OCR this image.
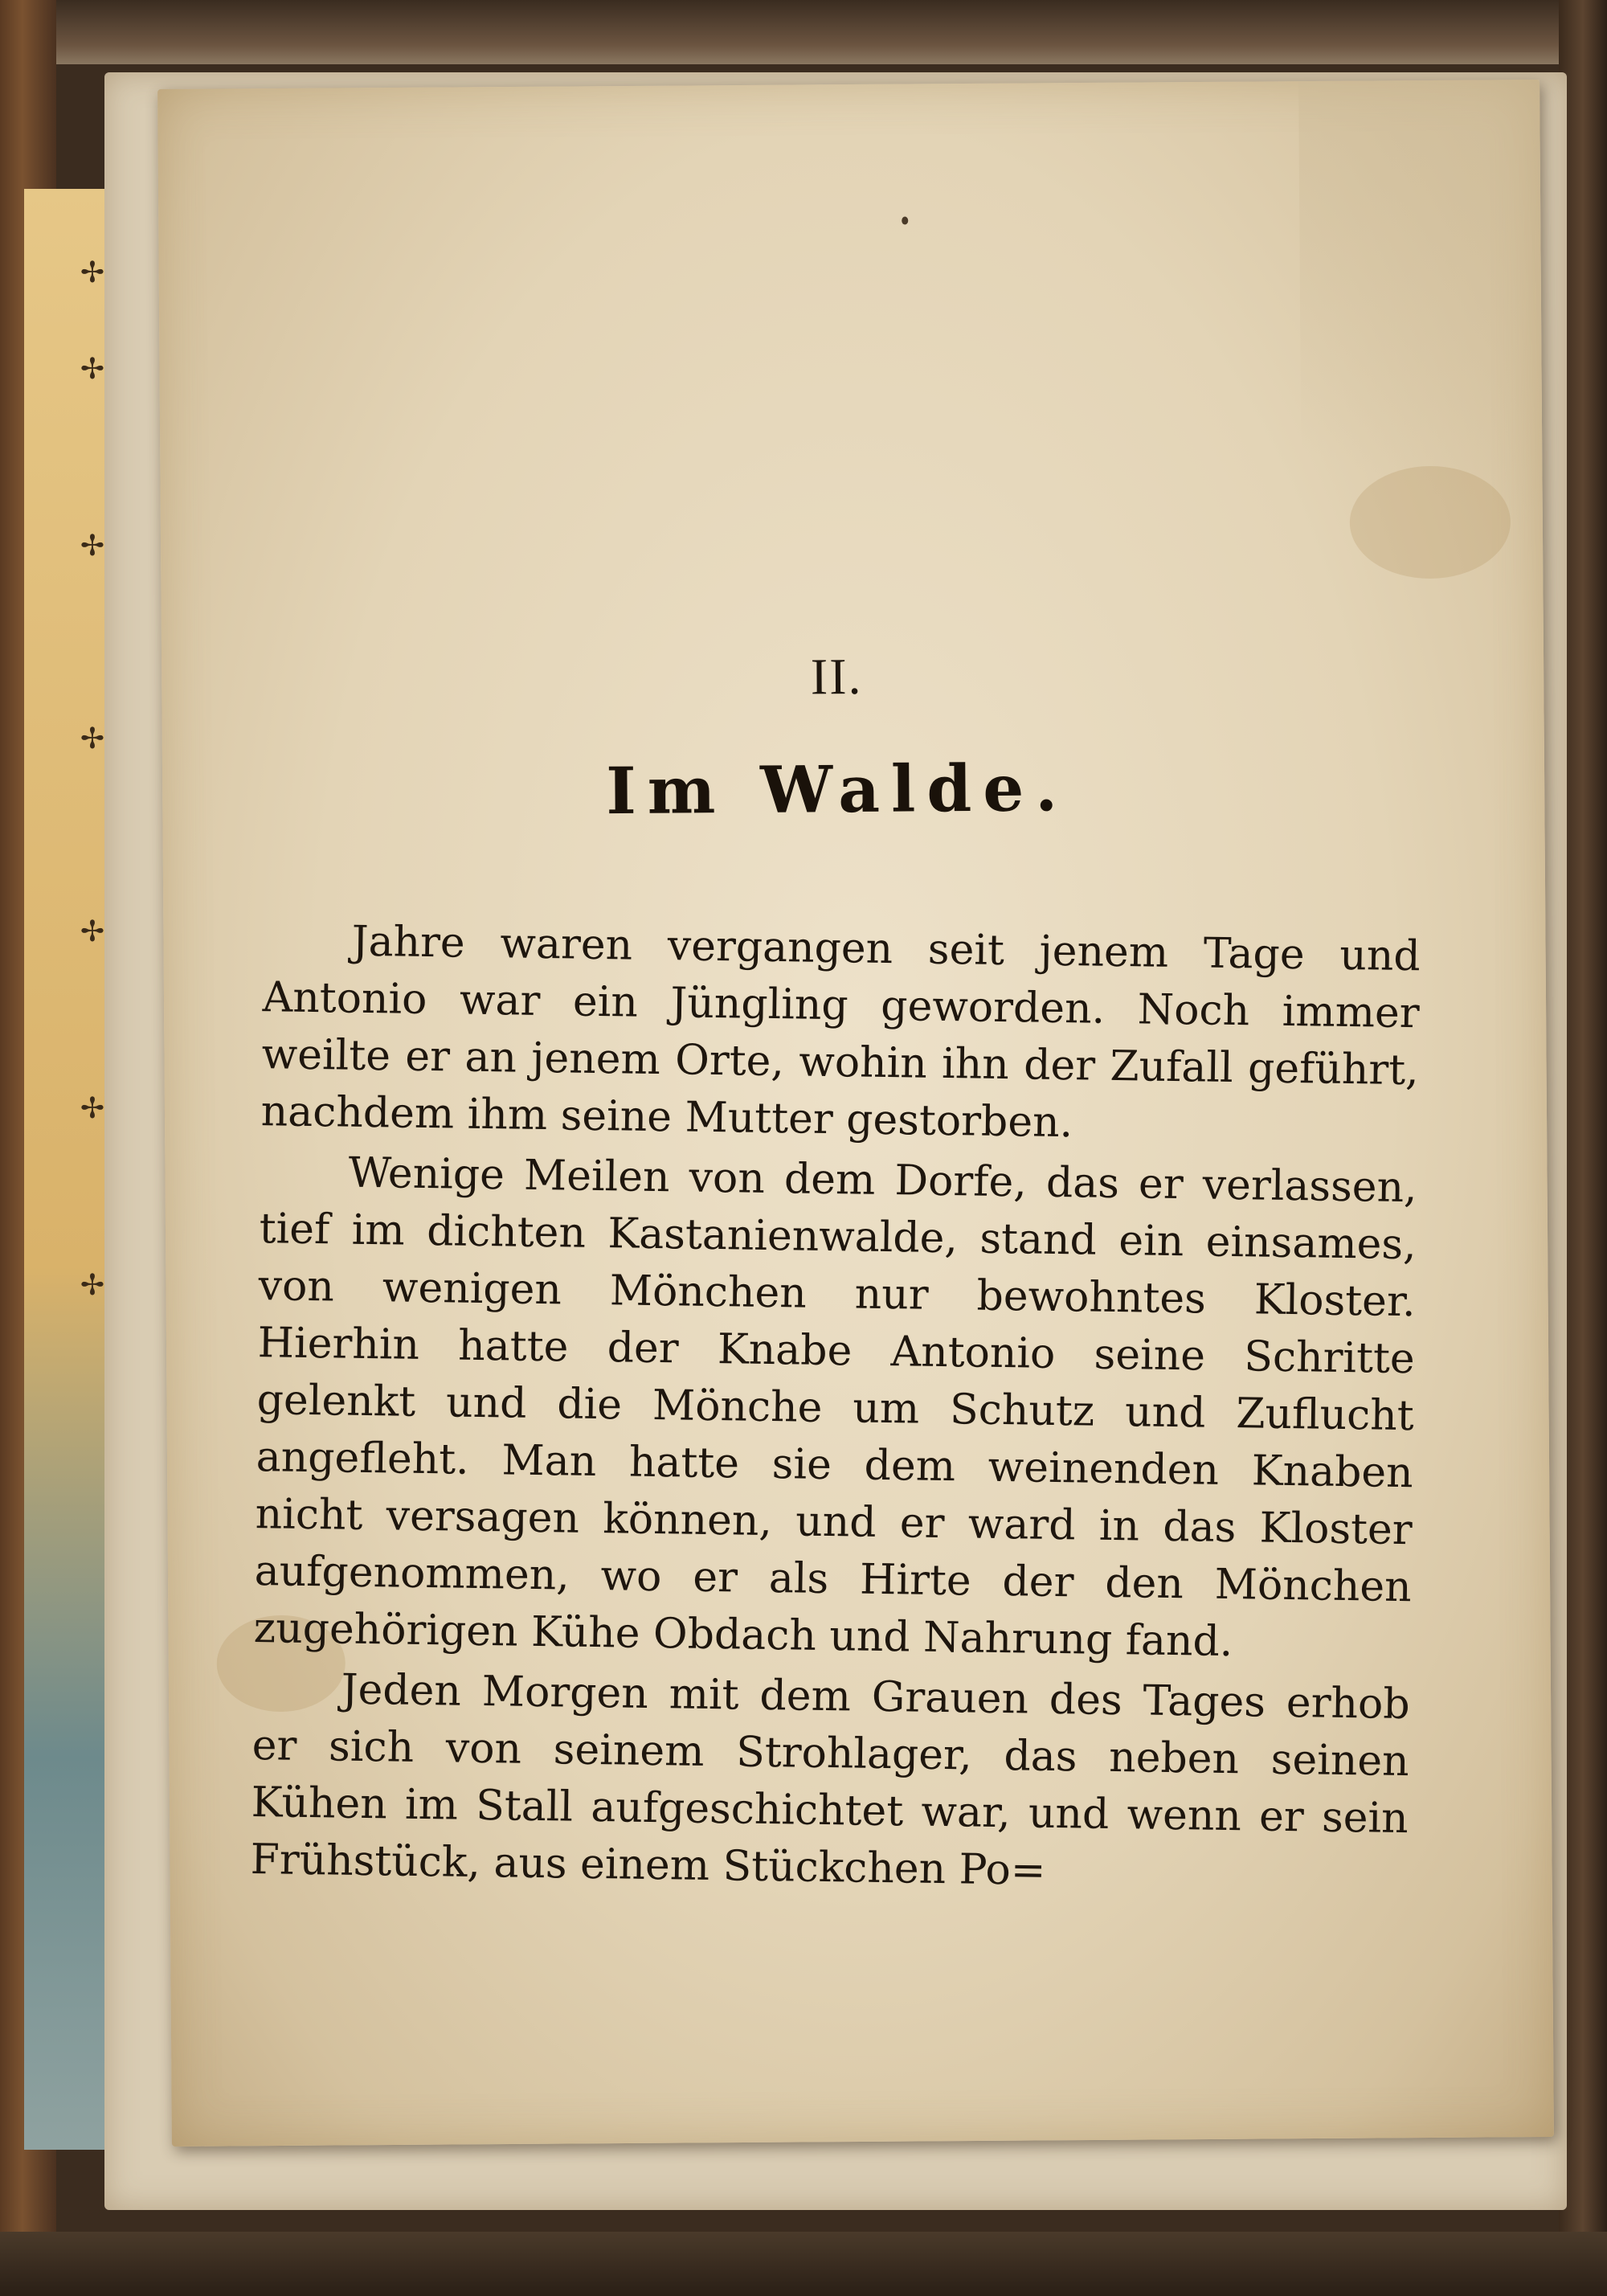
✢
✢
✢
✢
✢
✢
✢
II.
Im Walde.

Jahre waren vergangen seit jenem Tage und Antonio war ein Jüngling geworden. Noch immer weilte er an jenem Orte, wohin ihn der Zufall geführt, nachdem ihm seine Mutter gestorben.

Wenige Meilen von dem Dorfe, das er verlassen, tief im dichten Kastanienwalde, stand ein einsames, von wenigen Mönchen nur bewohntes Kloster. Hierhin hatte der Knabe Antonio seine Schritte gelenkt und die Mönche um Schutz und Zuflucht angefleht. Man hatte sie dem weinenden Knaben nicht versagen können, und er ward in das Kloster aufgenommen, wo er als Hirte der den Mönchen zugehörigen Kühe Obdach und Nahrung fand.

Jeden Morgen mit dem Grauen des Tages erhob er sich von seinem Strohlager, das neben seinen Kühen im Stall aufgeschichtet war, und wenn er sein Frühstück, aus einem Stückchen Po=
